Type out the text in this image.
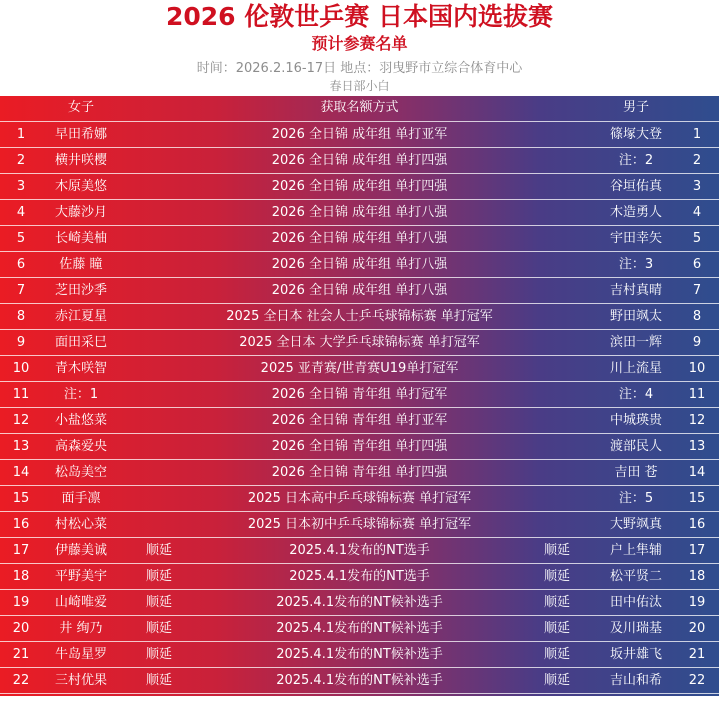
2026 伦敦世乒赛 日本国内选拔赛
预计参赛名单
时间：2026.2.16-17日 地点：羽曳野市立综合体育中心
春日部小白
女子	获取名额方式	男子
1	早田希娜	2026 全日锦 成年组 单打亚军	篠塚大登	1
2	横井咲樱	2026 全日锦 成年组 单打四强	注：2	2
3	木原美悠	2026 全日锦 成年组 单打四强	谷垣佑真	3
4	大藤沙月	2026 全日锦 成年组 单打八强	木造勇人	4
5	长崎美柚	2026 全日锦 成年组 单打八强	宇田幸矢	5
6	佐藤 瞳	2026 全日锦 成年组 单打八强	注：3	6
7	芝田沙季	2026 全日锦 成年组 单打八强	吉村真晴	7
8	赤江夏星	2025 全日本 社会人士乒乓球锦标赛 单打冠军	野田飒太	8
9	面田采巳	2025 全日本 大学乒乓球锦标赛 单打冠军	滨田一辉	9
10	青木咲智	2025 亚青赛/世青赛U19单打冠军	川上流星	10
11	注：1	2026 全日锦 青年组 单打冠军	注：4	11
12	小盐悠菜	2026 全日锦 青年组 单打亚军	中城瑛贵	12
13	高森爱央	2026 全日锦 青年组 单打四强	渡部民人	13
14	松岛美空	2026 全日锦 青年组 单打四强	吉田 苍	14
15	面手凛	2025 日本高中乒乓球锦标赛 单打冠军	注：5	15
16	村松心菜	2025 日本初中乒乓球锦标赛 单打冠军	大野飒真	16
17	伊藤美诚	顺延	2025.4.1发布的NT选手	顺延	户上隼辅	17
18	平野美宇	顺延	2025.4.1发布的NT选手	顺延	松平贤二	18
19	山崎唯爱	顺延	2025.4.1发布的NT候补选手	顺延	田中佑汰	19
20	井 绚乃	顺延	2025.4.1发布的NT候补选手	顺延	及川瑞基	20
21	牛岛星罗	顺延	2025.4.1发布的NT候补选手	顺延	坂井雄飞	21
22	三村优果	顺延	2025.4.1发布的NT候补选手	顺延	吉山和希	22
23	田村美佳	顺延	2025.4.1发布的NT候补选手	顺延	德田干太	23
